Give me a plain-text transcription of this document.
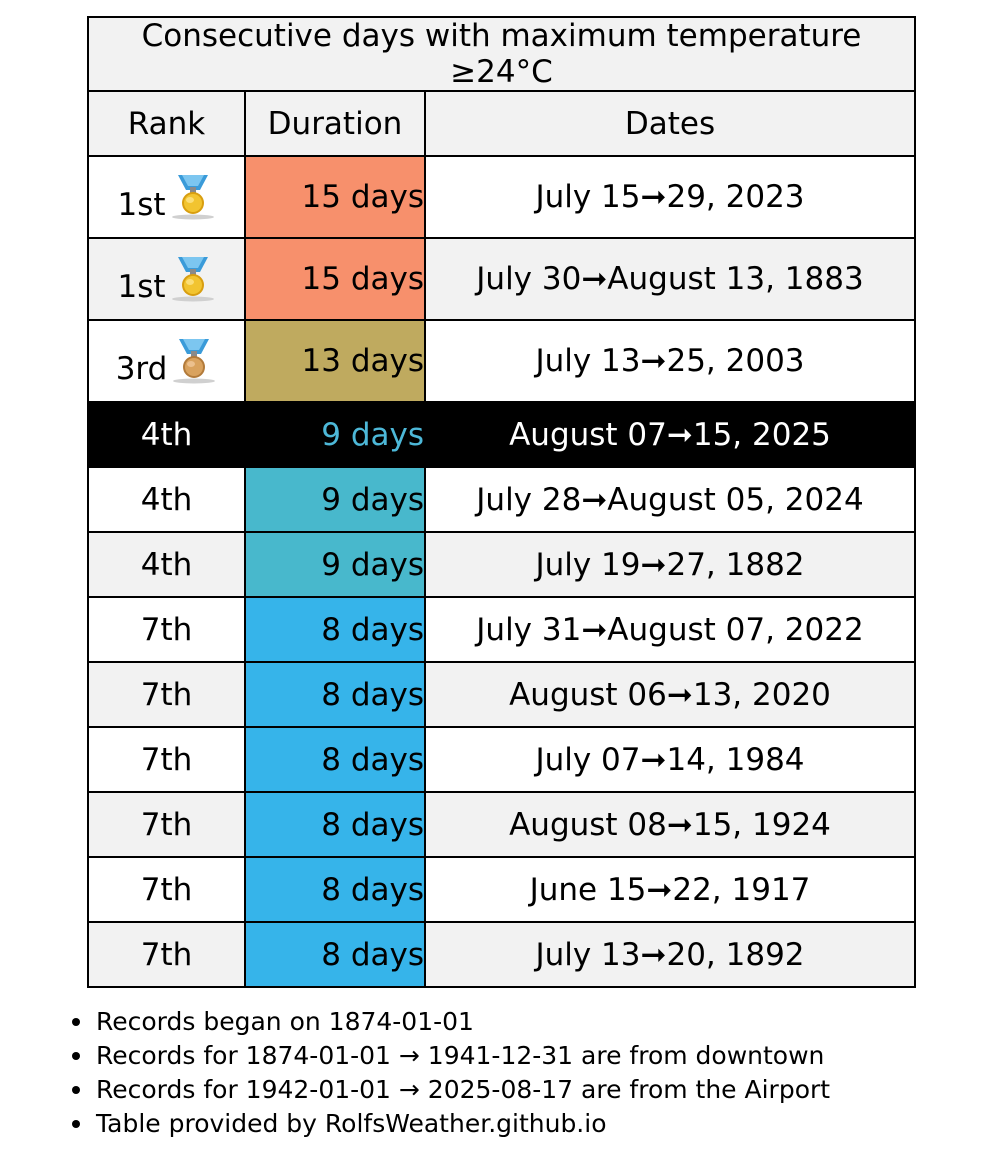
Consecutive days with maximum temperature ≥24°C		
Rank	Duration	Dates

1st	15 days	July 15➞29, 2023

1st	15 days	July 30➞August 13, 1883

3rd	13 days	July 13➞25, 2003
4th	9 days	August 07➞15, 2025
4th	9 days	July 28➞August 05, 2024
4th	9 days	July 19➞27, 1882
7th	8 days	July 31➞August 07, 2022
7th	8 days	August 06➞13, 2020
7th	8 days	July 07➞14, 1984
7th	8 days	August 08➞15, 1924
7th	8 days	June 15➞22, 1917
7th	8 days	July 13➞20, 1892
Records began on 1874-01-01
Records for 1874-01-01 → 1941-12-31 are from downtown
Records for 1942-01-01 → 2025-08-17 are from the Airport
Table provided by RolfsWeather.github.io
